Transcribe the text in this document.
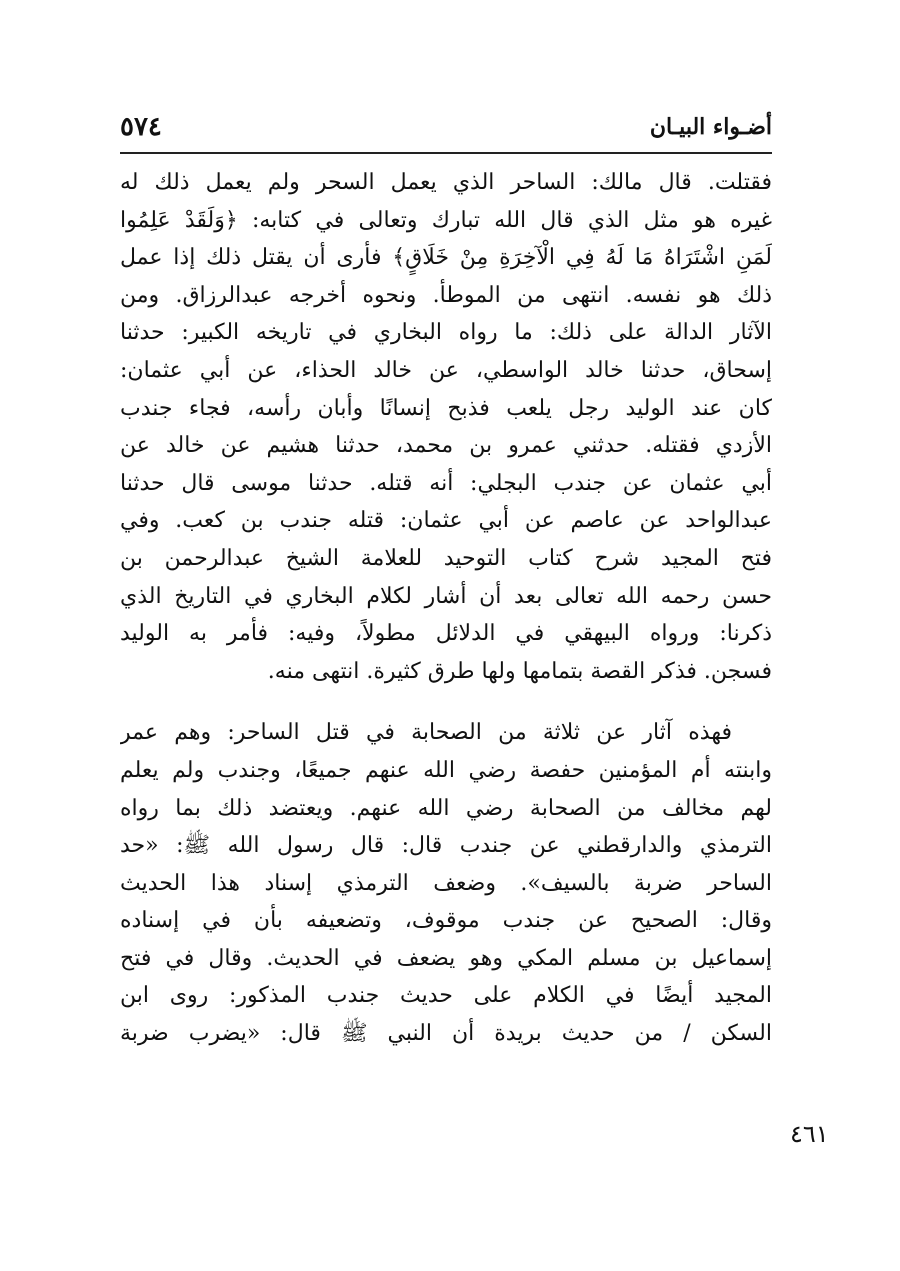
أضـواء البيـان
٥٧٤
فقتلت. قال مالك: الساحر الذي يعمل السحر ولم يعمل ذلك له
غيره هو مثل الذي قال الله تبارك وتعالى في كتابه: ﴿وَلَقَدْ عَلِمُوا
لَمَنِ اشْتَرَاهُ مَا لَهُ فِي الْآخِرَةِ مِنْ خَلَاقٍ﴾ فأرى أن يقتل ذلك إذا عمل
ذلك هو نفسه. انتهى من الموطأ. ونحوه أخرجه عبدالرزاق. ومن
الآثار الدالة على ذلك: ما رواه البخاري في تاريخه الكبير: حدثنا
إسحاق، حدثنا خالد الواسطي، عن خالد الحذاء، عن أبي عثمان:
كان عند الوليد رجل يلعب فذبح إنسانًا وأبان رأسه، فجاء جندب
الأزدي فقتله. حدثني عمرو بن محمد، حدثنا هشيم عن خالد عن
أبي عثمان عن جندب البجلي: أنه قتله. حدثنا موسى قال حدثنا
عبدالواحد عن عاصم عن أبي عثمان: قتله جندب بن كعب. وفي
فتح المجيد شرح كتاب التوحيد للعلامة الشيخ عبدالرحمن بن
حسن رحمه الله تعالى بعد أن أشار لكلام البخاري في التاريخ الذي
ذكرنا: ورواه البيهقي في الدلائل مطولاً، وفيه: فأمر به الوليد
فسجن. فذكر القصة بتمامها ولها طرق كثيرة. انتهى منه.
فهذه آثار عن ثلاثة من الصحابة في قتل الساحر: وهم عمر
وابنته أم المؤمنين حفصة رضي الله عنهم جميعًا، وجندب ولم يعلم
لهم مخالف من الصحابة رضي الله عنهم. ويعتضد ذلك بما رواه
الترمذي والدارقطني عن جندب قال: قال رسول الله ﷺ: «حد
الساحر ضربة بالسيف». وضعف الترمذي إسناد هذا الحديث
وقال: الصحيح عن جندب موقوف، وتضعيفه بأن في إسناده
إسماعيل بن مسلم المكي وهو يضعف في الحديث. وقال في فتح
المجيد أيضًا في الكلام على حديث جندب المذكور: روى ابن
السكن / من حديث بريدة أن النبي ﷺ قال: «يضرب ضربة
٤٦١
